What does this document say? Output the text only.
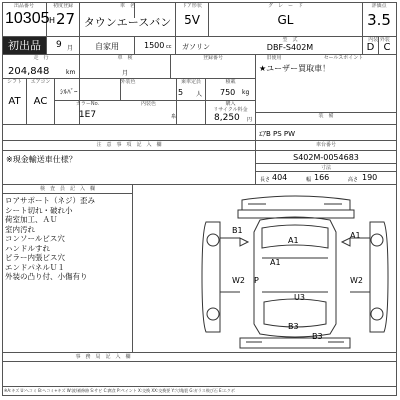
出品番号
10305
初度登録
H 27
車　名
タウンエースバン
ドア形状
5V
グ　レ　ー　ド
GL
評価点
3.5
初出品	9 月	自家用	1500 cc	ガソリン
型　式
DBF-S402M
内装 外装
D C
走　行
204,848	km
車　検
月
登録番号	旧使用	セールスポイント
★ユーザー買取車！
シフト
AT
エアコン
AC
外装色
ｼﾙﾊﾞｰ
乗車定員
5 人
積載
750 kg
カラーNo.
1E7
内装色
糸
購入
リサイクル料金
8,250 円
装　備
ｴｱB PS PW
注　意　事　項　記　入　欄
※現金輸送車仕様？
車台番号
S402M-0054683
寸法
長さ 404	幅 166	高さ 190
検　査　員　記　入　欄
ロアサポート（ネジ）歪み
シート切れ・破れ小
荷室加工、ＡＵ
室内汚れ
コンソールビス穴
ハンドルすれ
ピラー内張ビス穴
エンドパネルＵ１
外装の凸り付、小傷有り
B1
A1
A1
A1
W2 P	W2
U3
B3
B3
事　務　局　記　入　欄
※A:キズ U:ヘコミ B:ヘコミ+キズ W:波/補修跡 S:サビ C:腐食 P:ペイント X:交換 XX:交換要 Y:穴/亀裂 G:ガラス飛び石 E:エクボ
